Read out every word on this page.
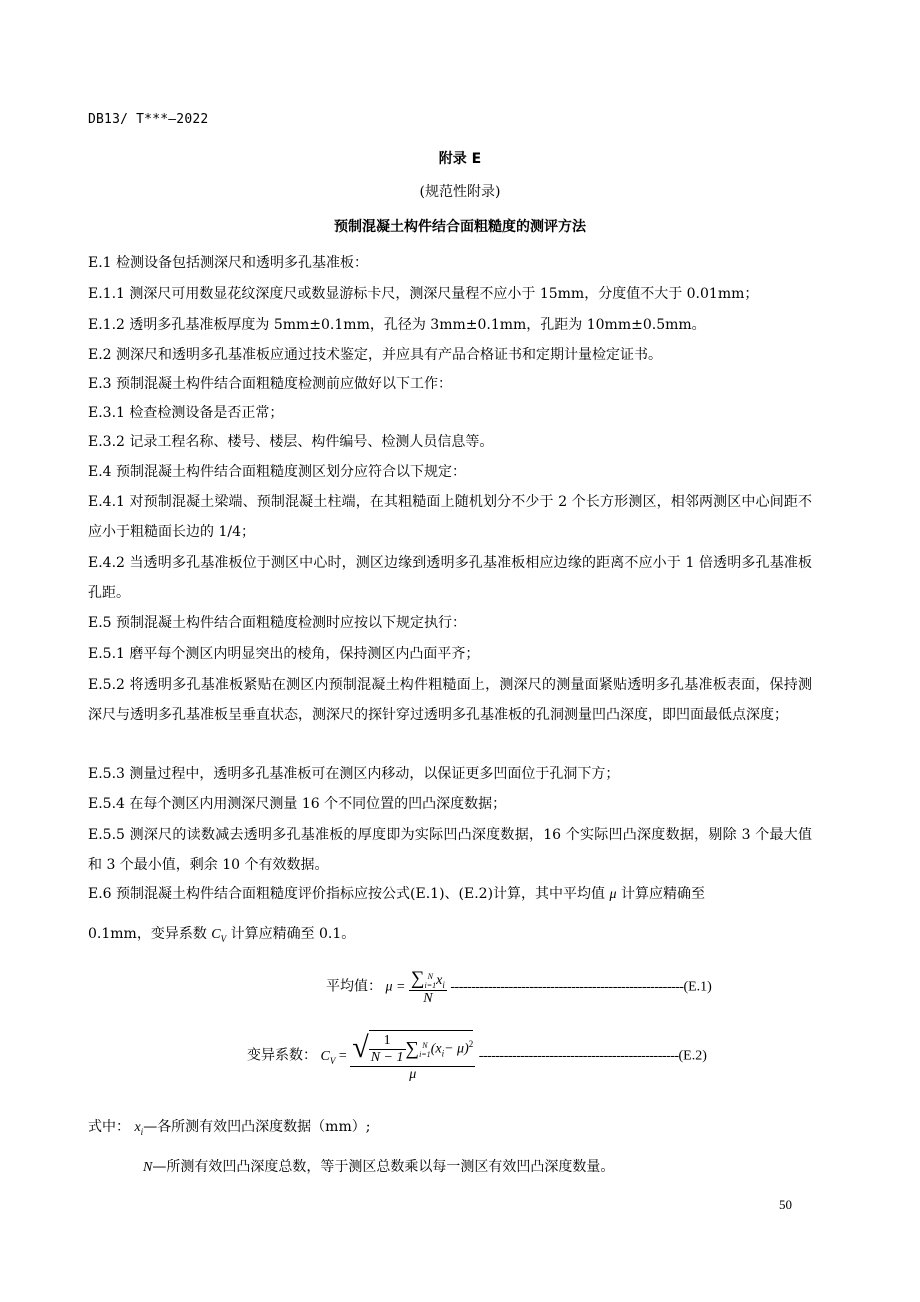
DB13/ T***—2022
附录 E
(规范性附录)
预制混凝土构件结合面粗糙度的测评方法
E.1 检测设备包括测深尺和透明多孔基准板：
E.1.1 测深尺可用数显花纹深度尺或数显游标卡尺，测深尺量程不应小于 15mm，分度值不大于 0.01mm；
E.1.2 透明多孔基准板厚度为 5mm±0.1mm，孔径为 3mm±0.1mm，孔距为 10mm±0.5mm。
E.2 测深尺和透明多孔基准板应通过技术鉴定，并应具有产品合格证书和定期计量检定证书。
E.3 预制混凝土构件结合面粗糙度检测前应做好以下工作：
E.3.1 检查检测设备是否正常；
E.3.2 记录工程名称、楼号、楼层、构件编号、检测人员信息等。
E.4 预制混凝土构件结合面粗糙度测区划分应符合以下规定：
E.4.1 对预制混凝土梁端、预制混凝土柱端，在其粗糙面上随机划分不少于 2 个长方形测区，相邻两测区中心间距不应小于粗糙面长边的 1/4；
E.4.2 当透明多孔基准板位于测区中心时，测区边缘到透明多孔基准板相应边缘的距离不应小于 1 倍透明多孔基准板孔距。
E.5 预制混凝土构件结合面粗糙度检测时应按以下规定执行：
E.5.1 磨平每个测区内明显突出的棱角，保持测区内凸面平齐；
E.5.2 将透明多孔基准板紧贴在测区内预制混凝土构件粗糙面上，测深尺的测量面紧贴透明多孔基准板表面，保持测深尺与透明多孔基准板呈垂直状态，测深尺的探针穿过透明多孔基准板的孔洞测量凹凸深度，即凹面最低点深度；
E.5.3 测量过程中，透明多孔基准板可在测区内移动，以保证更多凹面位于孔洞下方；
E.5.4 在每个测区内用测深尺测量 16 个不同位置的凹凸深度数据；
E.5.5 测深尺的读数减去透明多孔基准板的厚度即为实际凹凸深度数据，16 个实际凹凸深度数据，剔除 3 个最大值和 3 个最小值，剩余 10 个有效数据。
E.6 预制混凝土构件结合面粗糙度评价指标应按公式(E.1)、(E.2)计算，其中平均值 μ 计算应精确至
0.1mm，变异系数 $C_V$ 计算应精确至 0.1。
平均值： μ = ∑ N
i=1 $x_i$
N --------------------------------------------------------(E.1)
变异系数： $C_V$ = √ $\frac{1}{N - 1}$ ∑ N
i=1 $(x_i- \mu)^2$
μ ------------------------------------------------(E.2)
式中： $x_i—$各所测有效凹凸深度数据（mm）;
N—所测有效凹凸深度总数，等于测区总数乘以每一测区有效凹凸深度数量。
50
